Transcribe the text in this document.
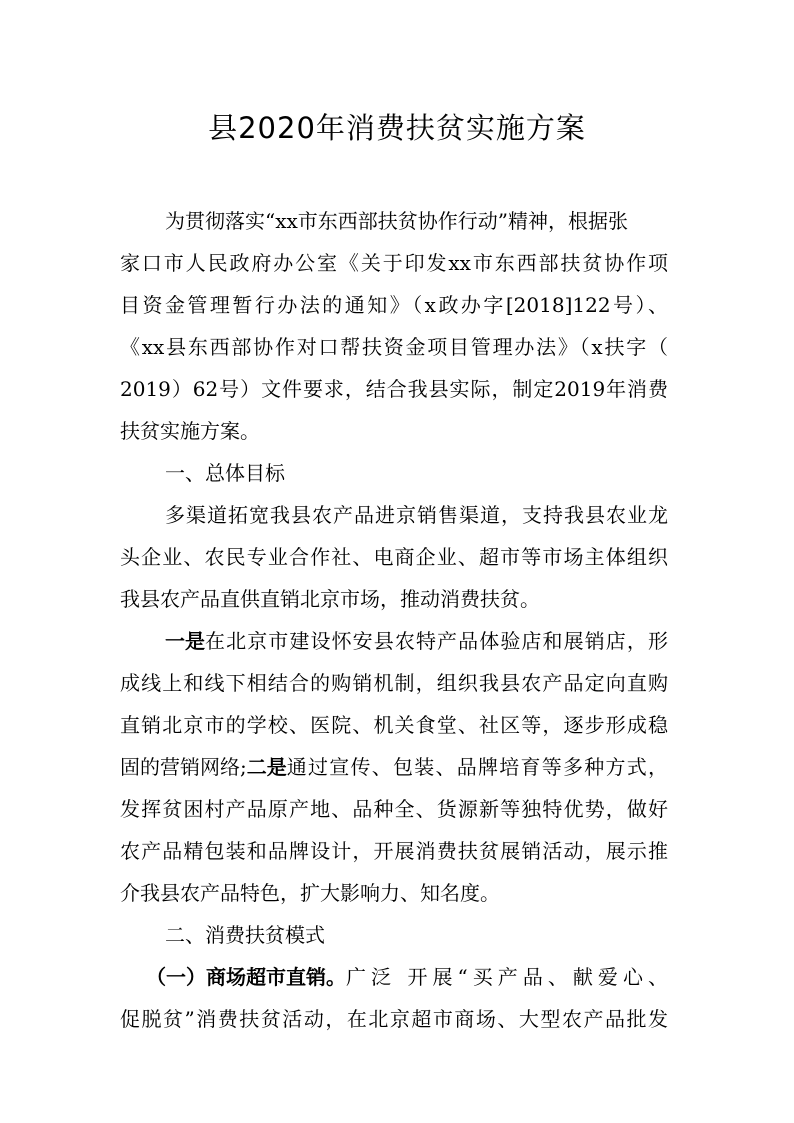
县2020年消费扶贫实施方案
为贯彻落实“xx市东西部扶贫协作行动”精神，根据张
家口市人民政府办公室《关于印发xx市东西部扶贫协作项
目资金管理暂行办法的通知》（x政办字[2018]122号）、
《xx县东西部协作对口帮扶资金项目管理办法》（x扶字（
2019）62号）文件要求，结合我县实际，制定2019年消费
扶贫实施方案。
一、总体目标
多渠道拓宽我县农产品进京销售渠道，支持我县农业龙
头企业、农民专业合作社、电商企业、超市等市场主体组织
我县农产品直供直销北京市场，推动消费扶贫。
一是 在北京市建设怀安县农特产品体验店和展销店，形
成线上和线下相结合的购销机制，组织我县农产品定向直购
直销北京市的学校、医院、机关食堂、社区等，逐步形成稳
固的营销网络; 二是 通过宣传、包装、品牌培育等多种方式，
发挥贫困村产品原产地、品种全、货源新等独特优势，做好
农产品精包装和品牌设计，开展消费扶贫展销活动，展示推
介我县农产品特色，扩大影响力、知名度。
二、消费扶贫模式
（一）商场超市直销。 广泛 开展“买产品、献爱心、
促脱贫”消费扶贫活动，在北京超市商场、大型农产品批发
